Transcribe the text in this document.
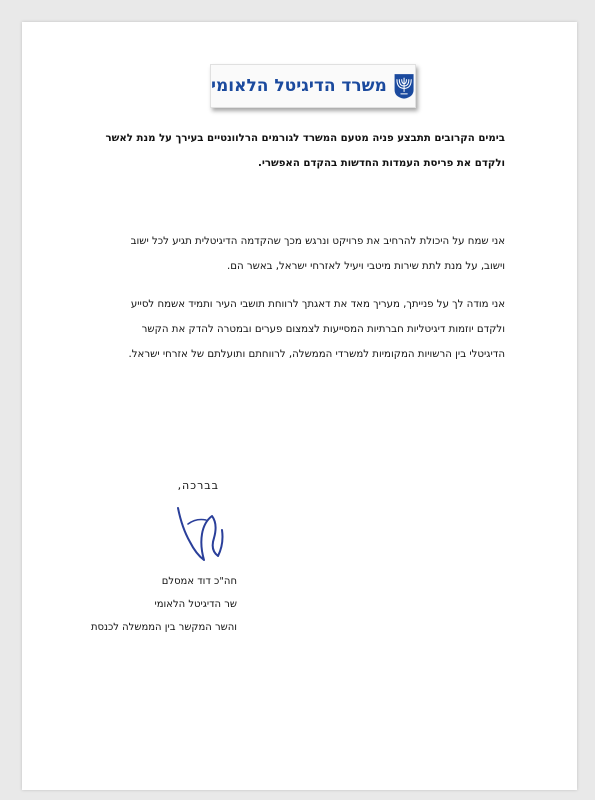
משרד הדיגיטל הלאומי

בימים הקרובים תתבצע פניה מטעם המשרד לגורמים הרלוונטיים בעירך על מנת לאשר
ולקדם את פריסת העמדות החדשות בהקדם האפשרי.

אני שמח על היכולת להרחיב את פרויקט ונרגש מכך שהקדמה הדיגיטלית תגיע לכל ישוב
וישוב, על מנת לתת שירות מיטבי ויעיל לאזרחי ישראל, באשר הם.

אני מודה לך על פנייתך, מעריך מאד את דאגתך לרווחת תושבי העיר ותמיד אשמח לסייע
ולקדם יוזמות דיגיטליות חברתיות המסייעות לצמצום פערים ובמטרה להדק את הקשר
הדיגיטלי בין הרשויות המקומיות למשרדי הממשלה, לרווחתם ותועלתם של אזרחי ישראל.

בברכה,
חה"כ דוד אמסלם
שר הדיגיטל הלאומי
והשר המקשר בין הממשלה לכנסת
